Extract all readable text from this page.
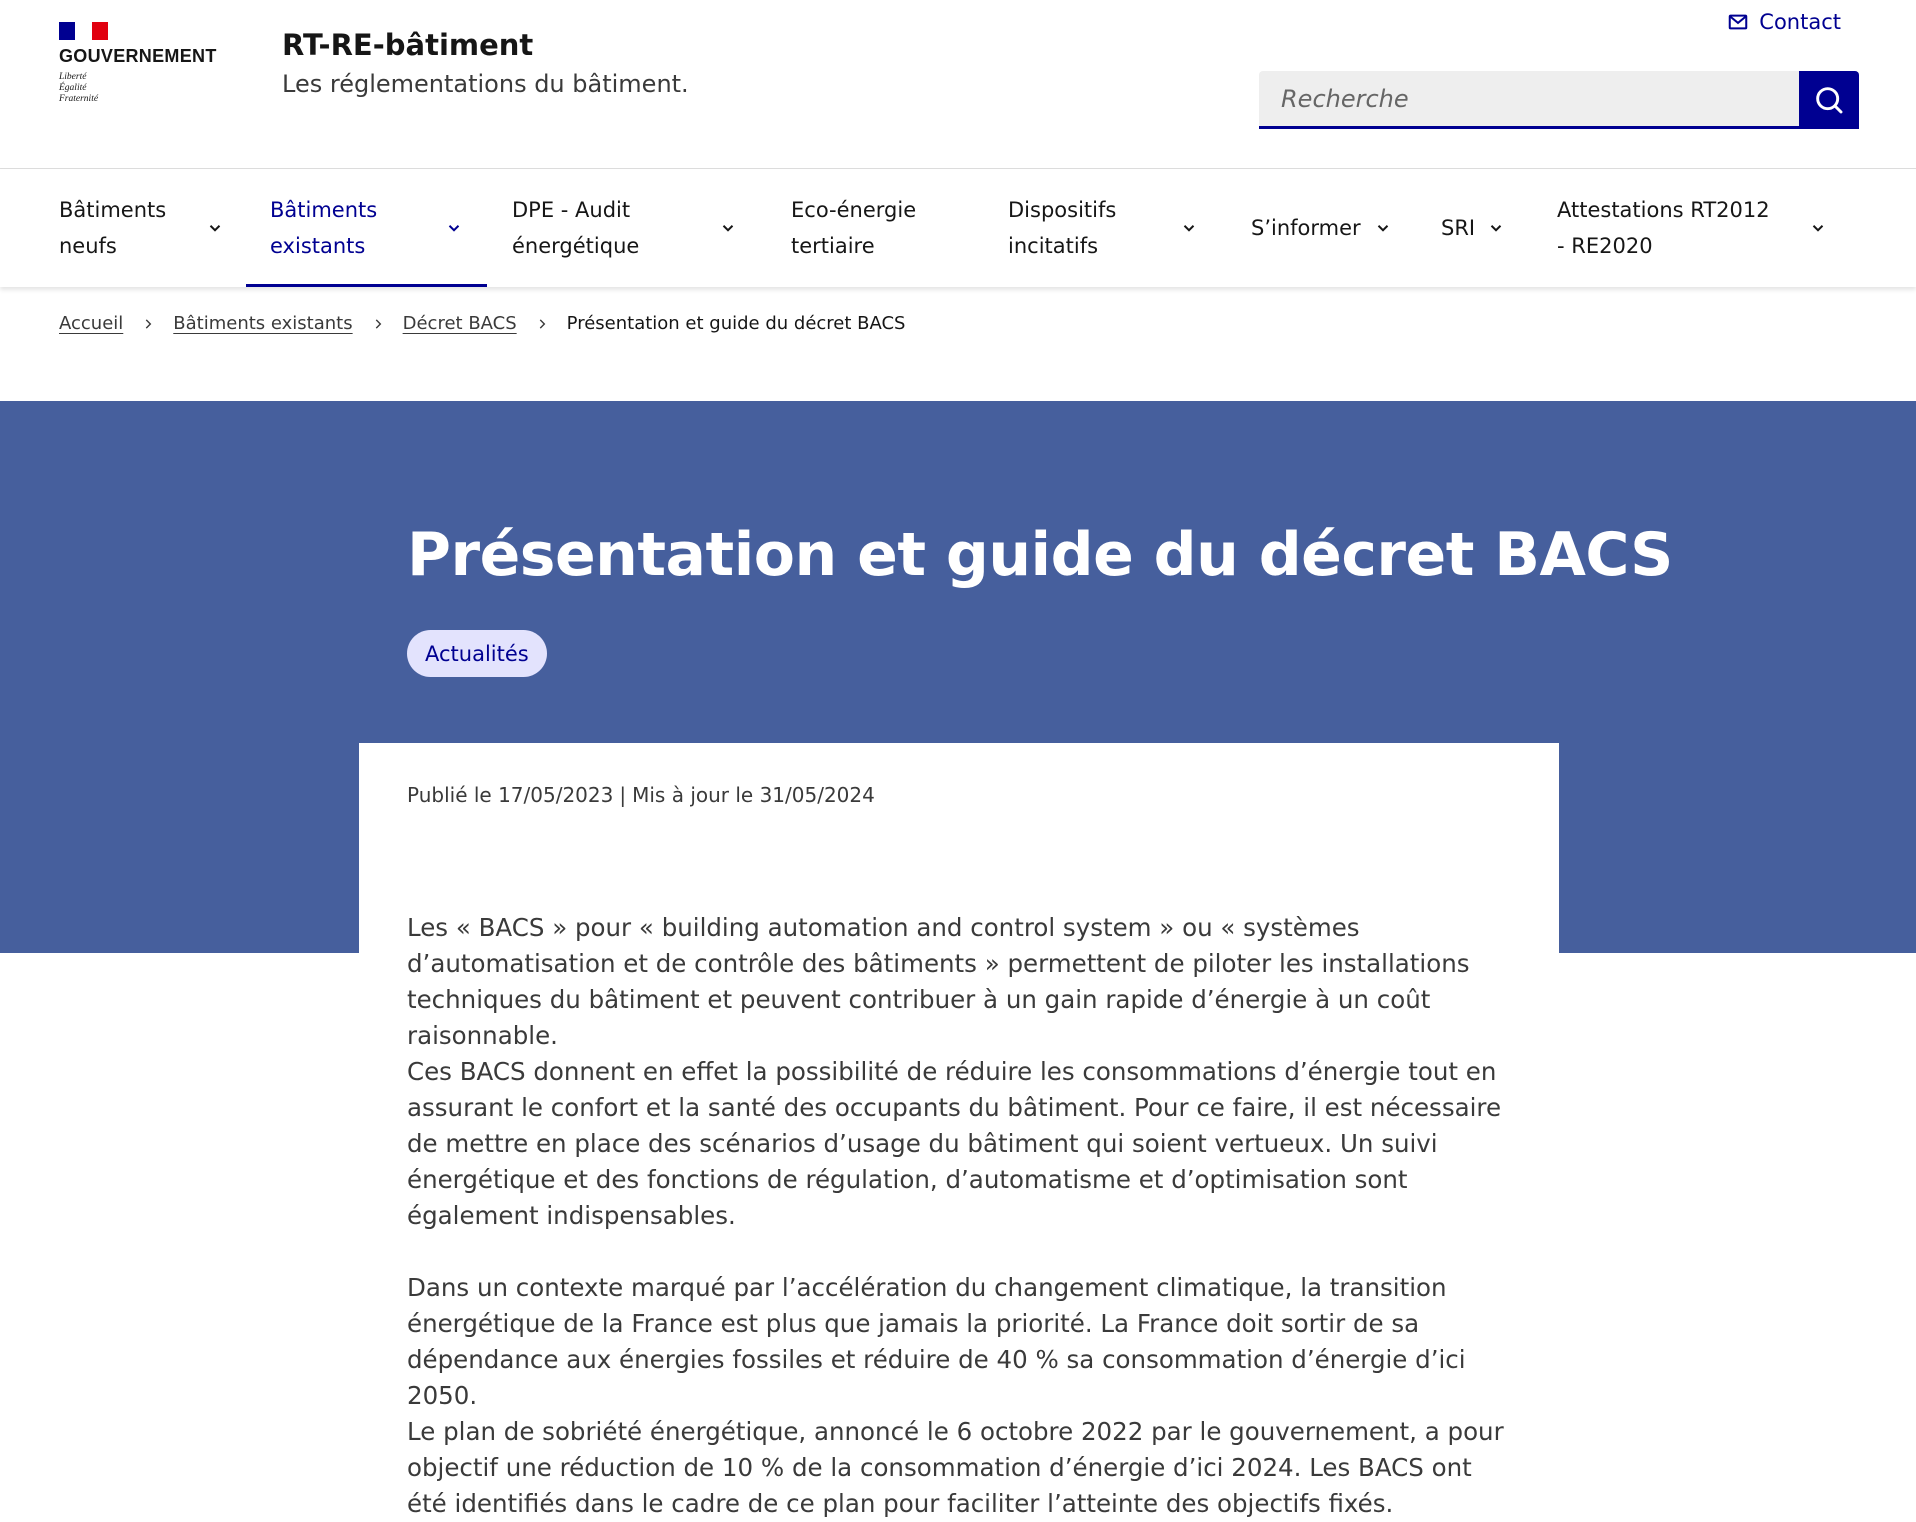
GOUVERNEMENT
Liberté
Égalité
Fraternité
RT-RE-bâtiment
Les réglementations du bâtiment.
Contact
Recherche
Bâtiments neufs
Bâtiments existants
DPE - Audit énergétique
Eco-énergie tertiaire
Dispositifs incitatifs
S’informer	SRI
Attestations RT2012 - RE2020
Accueil	Bâtiments existants	Décret BACS	Présentation et guide du décret BACS
Présentation et guide du décret BACS
Actualités
Publié le 17/05/2023 | Mis à jour le 31/05/2024

Les « BACS » pour « building automation and control system » ou « systèmes d’automatisation et de contrôle des bâtiments » permettent de piloter les installations techniques du bâtiment et peuvent contribuer à un gain rapide d’énergie à un coût raisonnable.

Ces BACS donnent en effet la possibilité de réduire les consommations d’énergie tout en assurant le confort et la santé des occupants du bâtiment. Pour ce faire, il est nécessaire de mettre en place des scénarios d’usage du bâtiment qui soient vertueux. Un suivi énergétique et des fonctions de régulation, d’automatisme et d’optimisation sont également indispensables.

Dans un contexte marqué par l’accélération du changement climatique, la transition énergétique de la France est plus que jamais la priorité. La France doit sortir de sa dépendance aux énergies fossiles et réduire de 40 % sa consommation d’énergie d’ici 2050.

Le plan de sobriété énergétique, annoncé le 6 octobre 2022 par le gouvernement, a pour objectif une réduction de 10 % de la consommation d’énergie d’ici 2024. Les BACS ont été identifiés dans le cadre de ce plan pour faciliter l’atteinte des objectifs fixés.
